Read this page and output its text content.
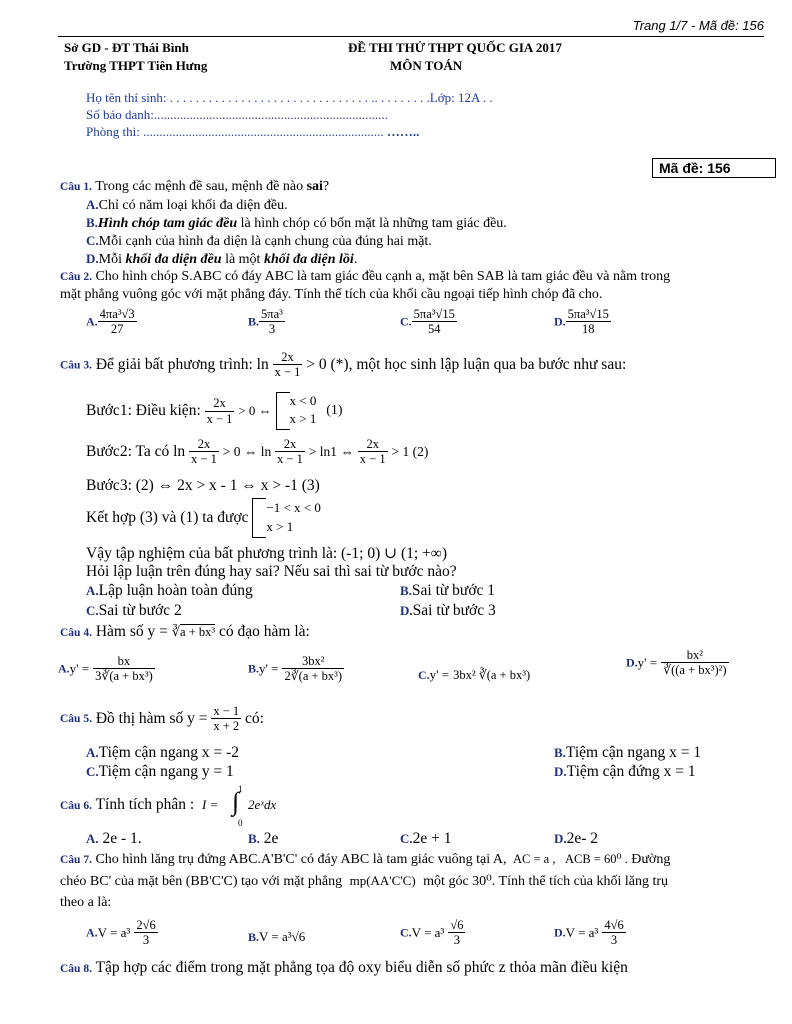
Trang 1/7 - Mã đề: 156
Sở GD - ĐT Thái Bình
Trường THPT Tiên Hưng
ĐỀ THI THỬ THPT QUỐC GIA 2017
MÔN TOÁN
Họ tên thí sinh: . . . . . . . . . . . . . . . . . . . . . . . . . . . . . . . .. . . . . . . . .Lớp: 12A . .
Số báo danh:........................................................................
Phòng thi: .......................................................................... ……..
Mã đề: 156
Câu 1. Trong các mệnh đề sau, mệnh đề nào sai?
A.Chỉ có năm loại khối đa diện đều.
B.Hình chóp tam giác đều là hình chóp có bốn mặt là những tam giác đều.
C.Mỗi cạnh của hình đa diện là cạnh chung của đúng hai mặt.
D.Mỗi khối đa diện đều là một khối đa diện lồi.
Câu 2. Cho hình chóp S.ABC có đáy ABC là tam giác đều cạnh a, mặt bên SAB là tam giác đều và nằm trong
mặt phẳng vuông góc với mặt phẳng đáy. Tính thể tích của khối cầu ngoại tiếp hình chóp đã cho.
A. $\frac{\text{4πa³√3}}{27}$	B. $\frac{\text{5πa³}}{3}$	C. $\frac{\text{5πa³√15}}{54}$	D. $\frac{\text{5πa³√15}}{18}$
Câu 3. Để giải bất phương trình: $\ln \frac{2x}{x - 1} > 0$ (*), một học sinh lập luận qua ba bước như sau:
Bước1: Điều kiện: $\frac{2x}{x - 1} > 0$ ⇔
x < 0
x > 1
(1)
Bước2: Ta có $\ln \frac{2x}{x - 1} > 0$ ⇔ $\ln \frac{2x}{x - 1} > \ln 1$ ⇔ $\frac{2x}{x - 1} > 1$ (2)
Bước3: (2) ⇔ 2x > x - 1 ⇔ x > -1 (3)
Kết hợp (3) và (1) ta được
−1 < x < 0
x > 1
Vậy tập nghiệm của bất phương trình là: (-1; 0) ∪ (1; +∞)
Hỏi lập luận trên đúng hay sai? Nếu sai thì sai từ bước nào?
A.Lập luận hoàn toàn đúng	B.Sai từ bước 1
C.Sai từ bước 2	D.Sai từ bước 3
Câu 4. Hàm số y = ∛a + bx³ có đạo hàm là:
$A.y' = \frac{bx}{\text{3∛(a + bx³)}}$	$B.y' = \frac{\text{3bx²}}{\text{2∛(a + bx³)}}$	C.y' = 3bx² ∛(a + bx³)
$D.y' = \frac{\text{bx²}}{\text{∛((a + bx³)²)}}$
Câu 5. Đồ thị hàm số $y = \frac{x - 1}{x + 2}$ có:
A.Tiệm cận ngang x = -2	B.Tiệm cận ngang x = 1
C.Tiệm cận ngang y = 1	D.Tiệm cận đứng x = 1
Câu 6. Tính tích phân : I =
1
∫
0
2eˣdx
A. 2e - 1.	B. 2e	C.2e + 1	D.2e- 2
Câu 7. Cho hình lăng trụ đứng ABC.A'B'C' có đáy ABC là tam giác vuông tại A, AC = a , ACB = 60⁰ . Đường
chéo BC' của mặt bên (BB'C'C) tạo với mặt phẳng mp(AA'C'C) một góc 30⁰. Tính thể tích của khối lăng trụ
theo a là:
$A.V = a^3 \frac{2√6}{3}$	B.V = a³√6	$C.V = a^3 \frac{√6}{3}$	$D.V = a^3 \frac{4√6}{3}$
Câu 8. Tập hợp các điểm trong mặt phẳng tọa độ oxy biểu diễn số phức z thỏa mãn điều kiện
